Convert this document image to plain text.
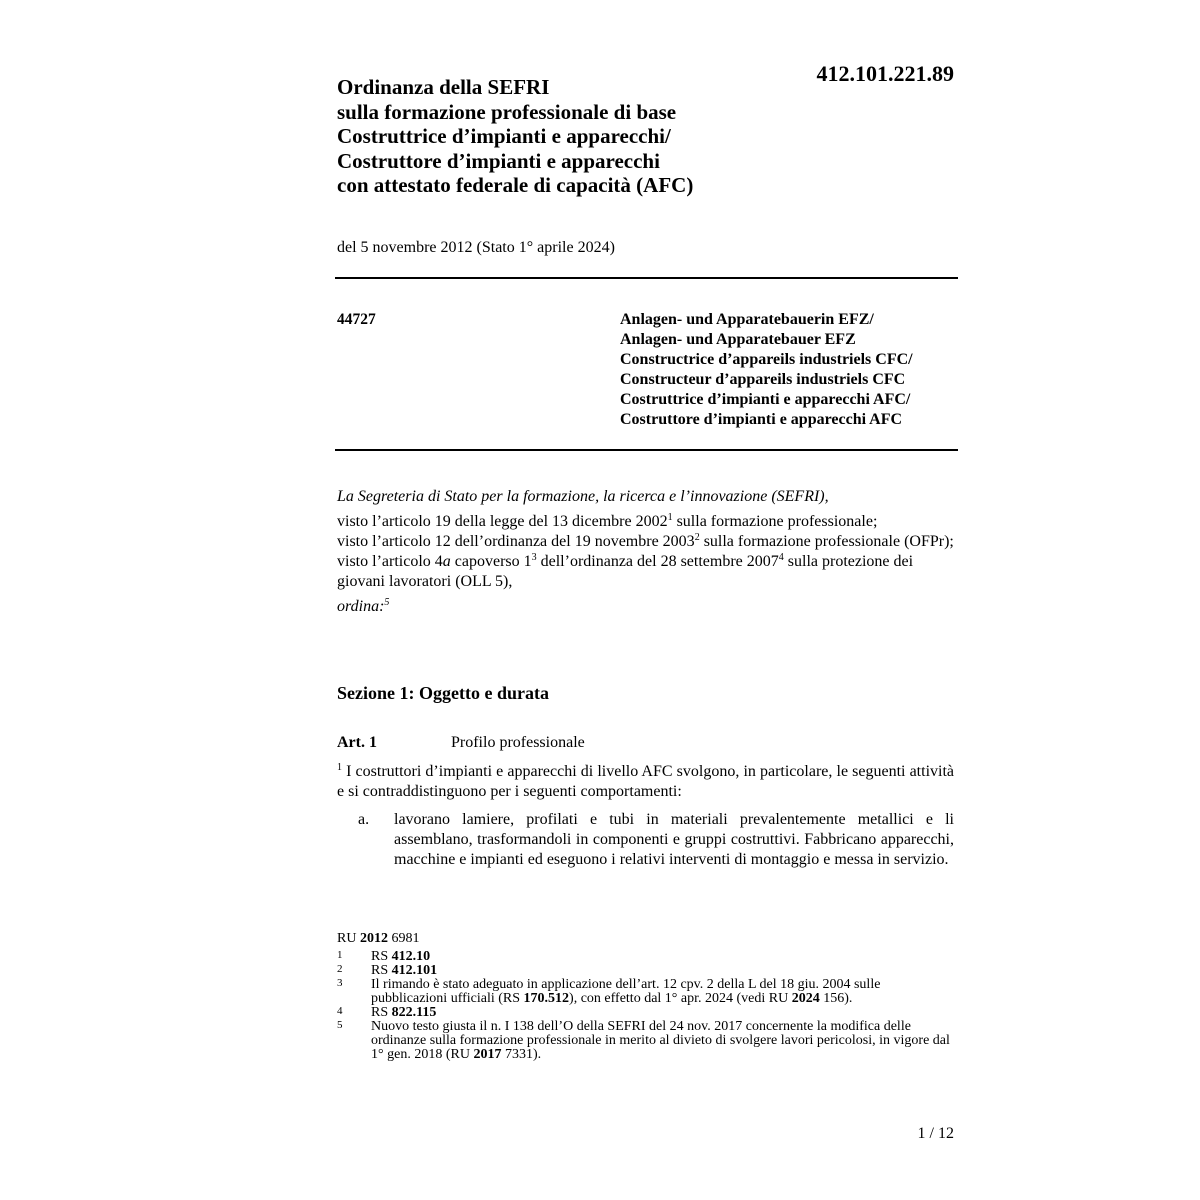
Ordinanza della SEFRI
sulla formazione professionale di base
Costruttrice d’impianti e apparecchi/
Costruttore d’impianti e apparecchi
con attestato federale di capacità (AFC)
412.101.221.89
del 5 novembre 2012 (Stato 1° aprile 2024)
44727	Anlagen- und Apparatebauerin EFZ/
Anlagen- und Apparatebauer EFZ
Constructrice d’appareils industriels CFC/
Constructeur d’appareils industriels CFC
Costruttrice d’impianti e apparecchi AFC/
Costruttore d’impianti e apparecchi AFC
La Segreteria di Stato per la formazione, la ricerca e l’innovazione (SEFRI),
visto l’articolo 19 della legge del 13 dicembre 2002$^1$ sulla formazione professionale;
visto l’articolo 12 dell’ordinanza del 19 novembre 2003$^2$ sulla formazione professionale (OFPr);
visto l’articolo 4a capoverso $1^3$ dell’ordinanza del 28 settembre 2007$^4$ sulla protezione dei giovani lavoratori (OLL 5),
ordina:$^5$
Sezione 1: Oggetto e durata
Art. 1	Profilo professionale
$^1$ I costruttori d’impianti e apparecchi di livello AFC svolgono, in particolare, le seguenti attività e si contraddistinguono per i seguenti comportamenti:
a. lavorano lamiere, profilati e tubi in materiali prevalentemente metallici e li assemblano, trasformandoli in componenti e gruppi costruttivi. Fabbricano apparecchi, macchine e impianti ed eseguono i relativi interventi di montaggio e messa in servizio.
RU 2012 6981
1 RS 412.10
2 RS 412.101
3 Il rimando è stato adeguato in applicazione dell’art. 12 cpv. 2 della L del 18 giu. 2004 sulle pubblicazioni ufficiali (RS 170.512), con effetto dal 1° apr. 2024 (vedi RU 2024 156).
4 RS 822.115
5 Nuovo testo giusta il n. I 138 dell’O della SEFRI del 24 nov. 2017 concernente la modifica delle ordinanze sulla formazione professionale in merito al divieto di svolgere lavori pericolosi, in vigore dal 1° gen. 2018 (RU 2017 7331).
1 / 12
